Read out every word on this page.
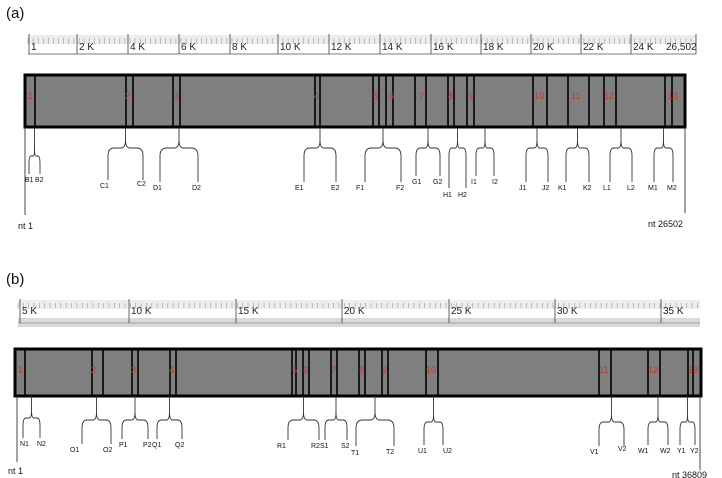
(a)
1	2 K	4 K	6 K	8 K	10 K	12 K	14 K	16 K	18 K	20 K	22 K	24 K 26,502
1	2	3	4	5 6	7	8 9	10	11	12	13
B1 B2
C1	C2
D1	D2	E1	E2 F1	F2
G1 G2
H1 H2
I1 I2
J1 J2 K1 K2 L1 L2 M1 M2
nt 1	nt 26502
(b)
5 K	10 K	15 K	20 K	25 K	30 K	35 K
1	2	3	4	5 6	7	8 9	10	11	12	13
N1 N2
O1	O2
P1 P2 Q1 Q2	R1	R2 S1 S2
T1	T2	U1 U2	V1	V2 W1 W2 Y1 Y2
nt 1	nt 36809
